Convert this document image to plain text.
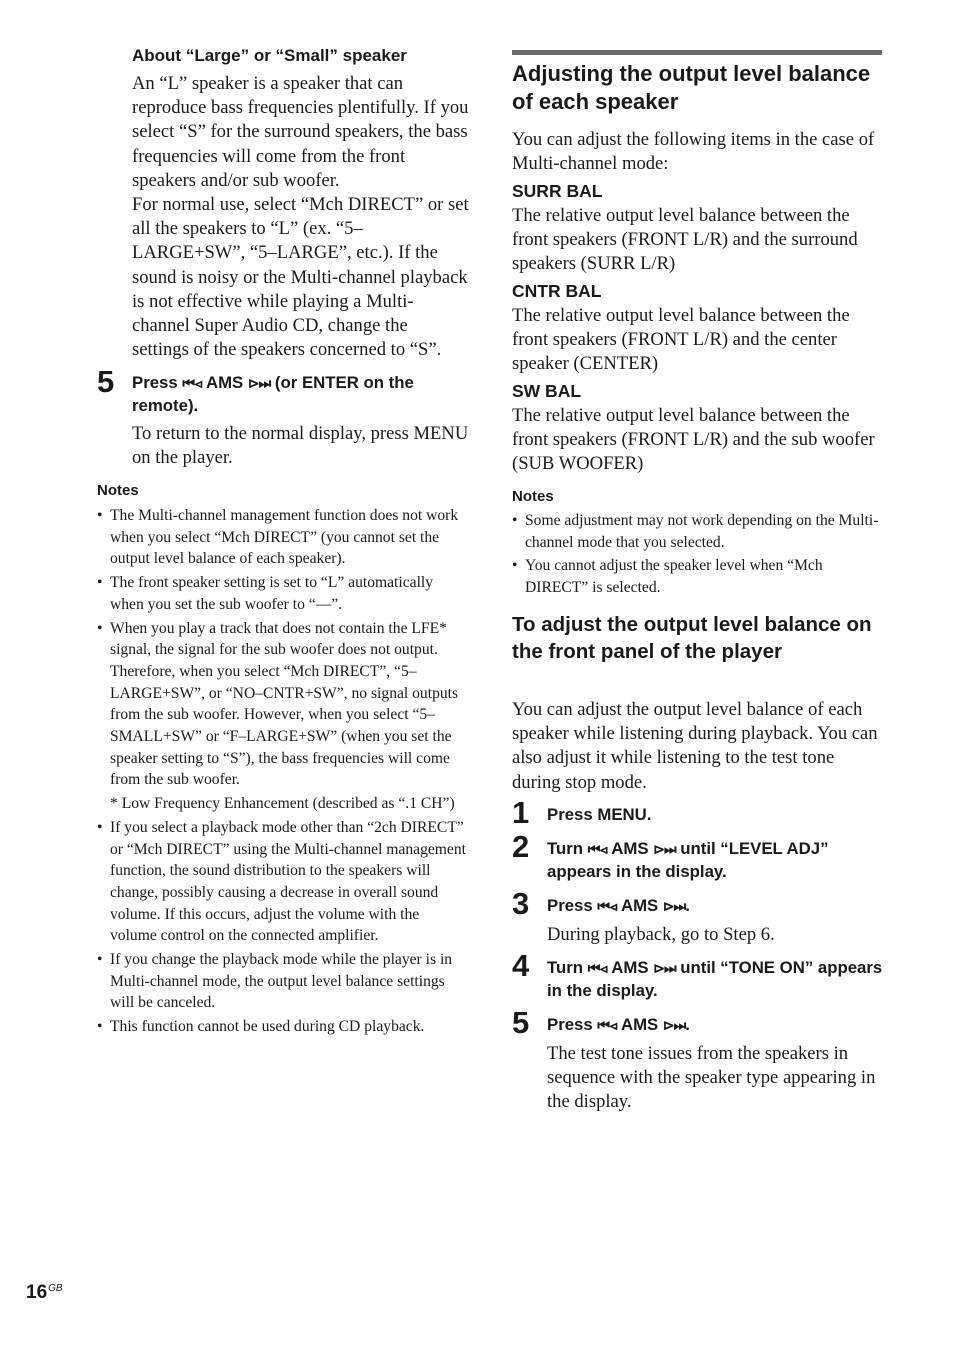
About “Large” or “Small” speaker

An “L” speaker is a speaker that can reproduce bass frequencies plentifully. If you select “S” for the surround speakers, the bass frequencies will come from the front speakers and/or sub woofer.

For normal use, select “Mch DIRECT” or set all the speakers to “L” (ex. “5–LARGE+SW”, “5–LARGE”, etc.). If the sound is noisy or the Multi-channel playback is not effective while playing a Multi-channel Super Audio CD, change the settings of the speakers concerned to “S”.

5 Press ⏮⊲ AMS ⊳⏭ (or ENTER on the remote).

To return to the normal display, press MENU on the player.

Notes
• The Multi-channel management function does not work when you select “Mch DIRECT” (you cannot set the output level balance of each speaker).
• The front speaker setting is set to “L” automatically when you set the sub woofer to “—”.
• When you play a track that does not contain the LFE* signal, the signal for the sub woofer does not output. Therefore, when you select “Mch DIRECT”, “5–LARGE+SW”, or “NO–CNTR+SW”, no signal outputs from the sub woofer. However, when you select “5–SMALL+SW” or “F–LARGE+SW” (when you set the speaker setting to “S”), the bass frequencies will come from the sub woofer.
* Low Frequency Enhancement (described as “.1 CH”)
• If you select a playback mode other than “2ch DIRECT” or “Mch DIRECT” using the Multi-channel management function, the sound distribution to the speakers will change, possibly causing a decrease in overall sound volume. If this occurs, adjust the volume with the volume control on the connected amplifier.
• If you change the playback mode while the player is in Multi-channel mode, the output level balance settings will be canceled.
• This function cannot be used during CD playback.
Adjusting the output level balance of each speaker

You can adjust the following items in the case of Multi-channel mode:

SURR BAL

The relative output level balance between the front speakers (FRONT L/R) and the surround speakers (SURR L/R)

CNTR BAL

The relative output level balance between the front speakers (FRONT L/R) and the center speaker (CENTER)

SW BAL

The relative output level balance between the front speakers (FRONT L/R) and the sub woofer (SUB WOOFER)

Notes
• Some adjustment may not work depending on the Multi-channel mode that you selected.
• You cannot adjust the speaker level when “Mch DIRECT” is selected.
To adjust the output level balance on the front panel of the player

You can adjust the output level balance of each speaker while listening during playback. You can also adjust it while listening to the test tone during stop mode.

1 Press MENU.
2 Turn ⏮⊲ AMS ⊳⏭ until “LEVEL ADJ” appears in the display.
3 Press ⏮⊲ AMS ⊳⏭.

During playback, go to Step 6.

4 Turn ⏮⊲ AMS ⊳⏭ until “TONE ON” appears in the display.
5 Press ⏮⊲ AMS ⊳⏭.

The test tone issues from the speakers in sequence with the speaker type appearing in the display.

$16^{GB}$
